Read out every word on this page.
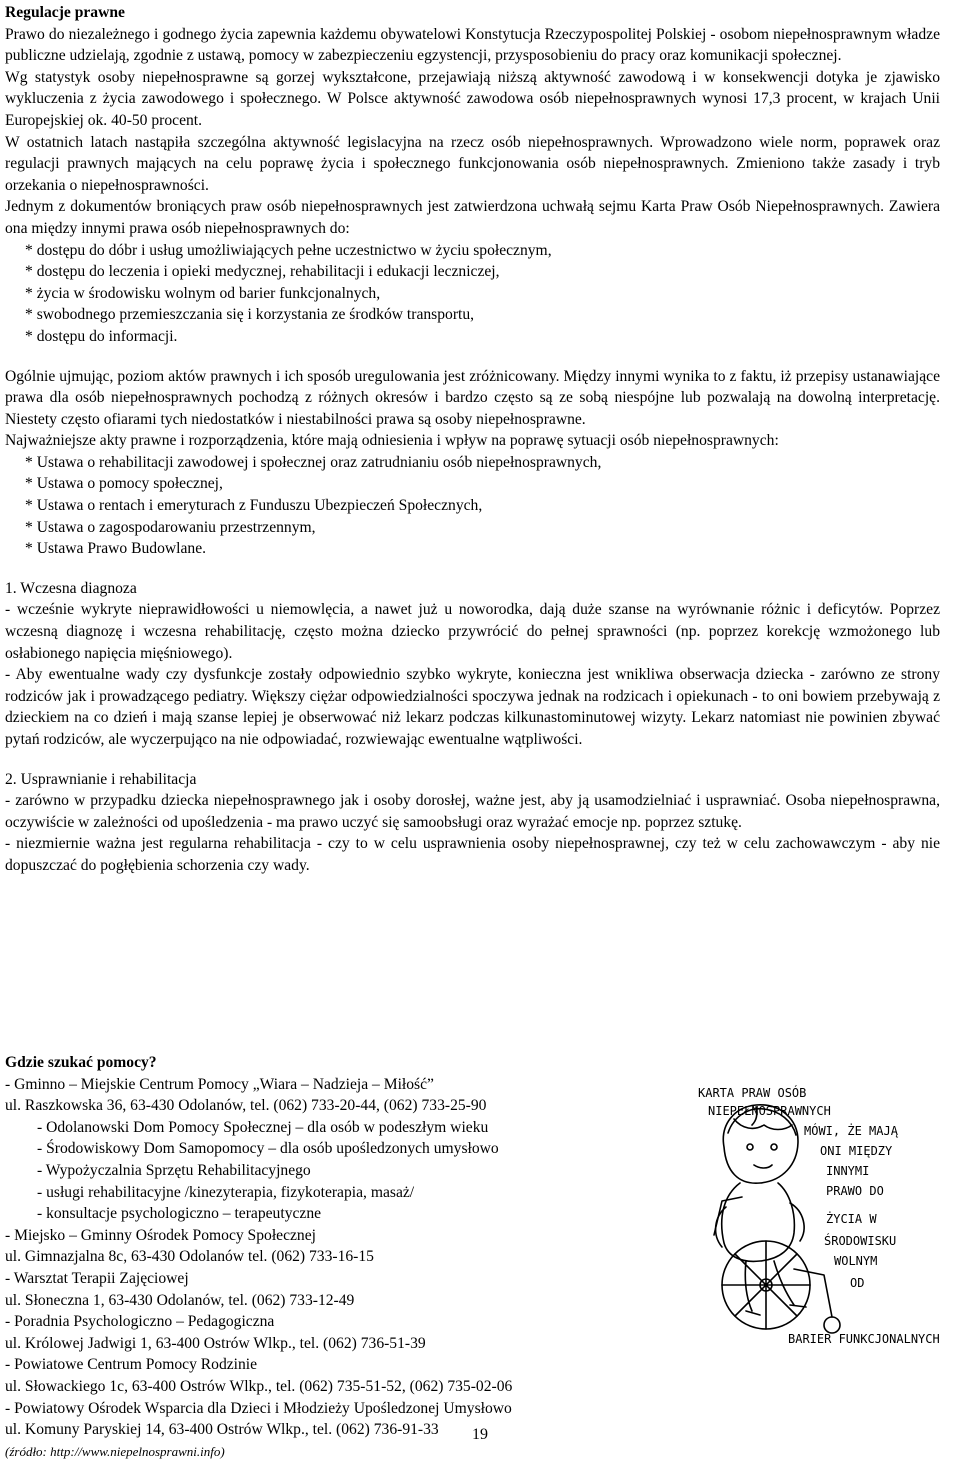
Regulacje prawne

Prawo do niezależnego i godnego życia zapewnia każdemu obywatelowi Konstytucja Rzeczypospolitej Polskiej - osobom niepełnosprawnym władze publiczne udzielają, zgodnie z ustawą, pomocy w zabezpieczeniu egzystencji, przysposobieniu do pracy oraz komunikacji społecznej.

Wg statystyk osoby niepełnosprawne są gorzej wykształcone, przejawiają niższą aktywność zawodową i w konsekwencji dotyka je zjawisko wykluczenia z życia zawodowego i społecznego. W Polsce aktywność zawodowa osób niepełnosprawnych wynosi 17,3 procent, w krajach Unii Europejskiej ok. 40-50 procent.

W ostatnich latach nastąpiła szczególna aktywność legislacyjna na rzecz osób niepełnosprawnych. Wprowadzono wiele norm, poprawek oraz regulacji prawnych mających na celu poprawę życia i społecznego funkcjonowania osób niepełnosprawnych. Zmieniono także zasady i tryb orzekania o niepełnosprawności.

Jednym z dokumentów broniących praw osób niepełnosprawnych jest zatwierdzona uchwałą sejmu Karta Praw Osób Niepełnosprawnych. Zawiera ona między innymi prawa osób niepełnosprawnych do:

* dostępu do dóbr i usług umożliwiających pełne uczestnictwo w życiu społecznym,

* dostępu do leczenia i opieki medycznej, rehabilitacji i edukacji leczniczej,

* życia w środowisku wolnym od barier funkcjonalnych,

* swobodnego przemieszczania się i korzystania ze środków transportu,

* dostępu do informacji.

Ogólnie ujmując, poziom aktów prawnych i ich sposób uregulowania jest zróżnicowany. Między innymi wynika to z faktu, iż przepisy ustanawiające prawa dla osób niepełnosprawnych pochodzą z różnych okresów i bardzo często są ze sobą niespójne lub pozwalają na dowolną interpretację. Niestety często ofiarami tych niedostatków i niestabilności prawa są osoby niepełnosprawne.

Najważniejsze akty prawne i rozporządzenia, które mają odniesienia i wpływ na poprawę sytuacji osób niepełnosprawnych:

* Ustawa o rehabilitacji zawodowej i społecznej oraz zatrudnianiu osób niepełnosprawnych,

* Ustawa o pomocy społecznej,

* Ustawa o rentach i emeryturach z Funduszu Ubezpieczeń Społecznych,

* Ustawa o zagospodarowaniu przestrzennym,

* Ustawa Prawo Budowlane.

1. Wczesna diagnoza

- wcześnie wykryte nieprawidłowości u niemowlęcia, a nawet już u noworodka, dają duże szanse na wyrównanie różnic i deficytów. Poprzez wczesną diagnozę i wczesna rehabilitację, często można dziecko przywrócić do pełnej sprawności (np. poprzez korekcję wzmożonego lub osłabionego napięcia mięśniowego).

- Aby ewentualne wady czy dysfunkcje zostały odpowiednio szybko wykryte, konieczna jest wnikliwa obserwacja dziecka - zarówno ze strony rodziców jak i prowadzącego pediatry. Większy ciężar odpowiedzialności spoczywa jednak na rodzicach i opiekunach - to oni bowiem przebywają z dzieckiem na co dzień i mają szanse lepiej je obserwować niż lekarz podczas kilkunastominutowej wizyty. Lekarz natomiast nie powinien zbywać pytań rodziców, ale wyczerpująco na nie odpowiadać, rozwiewając ewentualne wątpliwości.

2. Usprawnianie i rehabilitacja

- zarówno w przypadku dziecka niepełnosprawnego jak i osoby dorosłej, ważne jest, aby ją usamodzielniać i usprawniać. Osoba niepełnosprawna, oczywiście w zależności od upośledzenia - ma prawo uczyć się samoobsługi oraz wyrażać emocje np. poprzez sztukę.

- niezmiernie ważna jest regularna rehabilitacja - czy to w celu usprawnienia osoby niepełnosprawnej, czy też w celu zachowawczym - aby nie dopuszczać do pogłębienia schorzenia czy wady.

Gdzie szukać pomocy?

- Gminno – Miejskie Centrum Pomocy „Wiara – Nadzieja – Miłość”

ul. Raszkowska 36, 63-430 Odolanów, tel. (062) 733-20-44, (062) 733-25-90

- Odolanowski Dom Pomocy Społecznej – dla osób w podeszłym wieku

- Środowiskowy Dom Samopomocy – dla osób upośledzonych umysłowo

- Wypożyczalnia Sprzętu Rehabilitacyjnego

- usługi rehabilitacyjne /kinezyterapia, fizykoterapia, masaż/

- konsultacje psychologiczno – terapeutyczne

- Miejsko – Gminny Ośrodek Pomocy Społecznej

ul. Gimnazjalna 8c, 63-430 Odolanów tel. (062) 733-16-15

- Warsztat Terapii Zajęciowej

ul. Słoneczna 1, 63-430 Odolanów, tel. (062) 733-12-49

- Poradnia Psychologiczno – Pedagogiczna

ul. Królowej Jadwigi 1, 63-400 Ostrów Wlkp., tel. (062) 736-51-39

- Powiatowe Centrum Pomocy Rodzinie

ul. Słowackiego 1c, 63-400 Ostrów Wlkp., tel. (062) 735-51-52, (062) 735-02-06

- Powiatowy Ośrodek Wsparcia dla Dzieci i Młodzieży Upośledzonej Umysłowo

ul. Komuny Paryskiej 14, 63-400 Ostrów Wlkp., tel. (062) 736-91-33

(źródło: http://www.niepelnosprawni.info)

KARTA PRAW OSÓB
NIEPEŁNOSPRAWNYCH
MÓWI, ŻE MAJĄ
ONI MIĘDZY
INNYMI
PRAWO DO
ŻYCIA W
ŚRODOWISKU
WOLNYM
OD
BARIER FUNKCJONALNYCH
19
